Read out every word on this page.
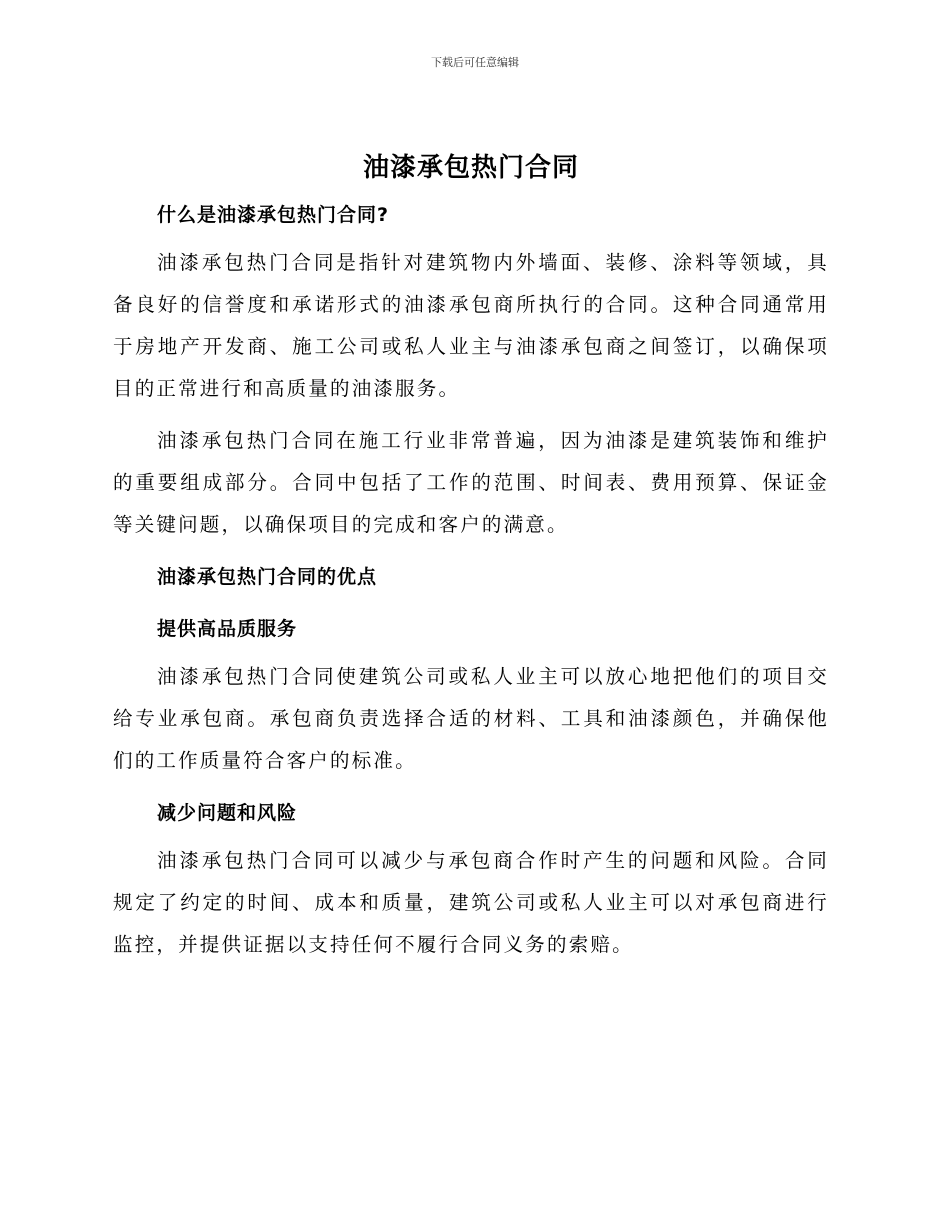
下载后可任意编辑
油漆承包热门合同
什么是油漆承包热门合同?

油漆承包热门合同是指针对建筑物内外墙面、装修、涂料等领域，具备良好的信誉度和承诺形式的油漆承包商所执行的合同。这种合同通常用于房地产开发商、施工公司或私人业主与油漆承包商之间签订，以确保项目的正常进行和高质量的油漆服务。

油漆承包热门合同在施工行业非常普遍，因为油漆是建筑装饰和维护的重要组成部分。合同中包括了工作的范围、时间表、费用预算、保证金等关键问题，以确保项目的完成和客户的满意。

油漆承包热门合同的优点
提供高品质服务

油漆承包热门合同使建筑公司或私人业主可以放心地把他们的项目交给专业承包商。承包商负责选择合适的材料、工具和油漆颜色，并确保他们的工作质量符合客户的标准。

减少问题和风险

油漆承包热门合同可以减少与承包商合作时产生的问题和风险。合同规定了约定的时间、成本和质量，建筑公司或私人业主可以对承包商进行监控，并提供证据以支持任何不履行合同义务的索赔。
